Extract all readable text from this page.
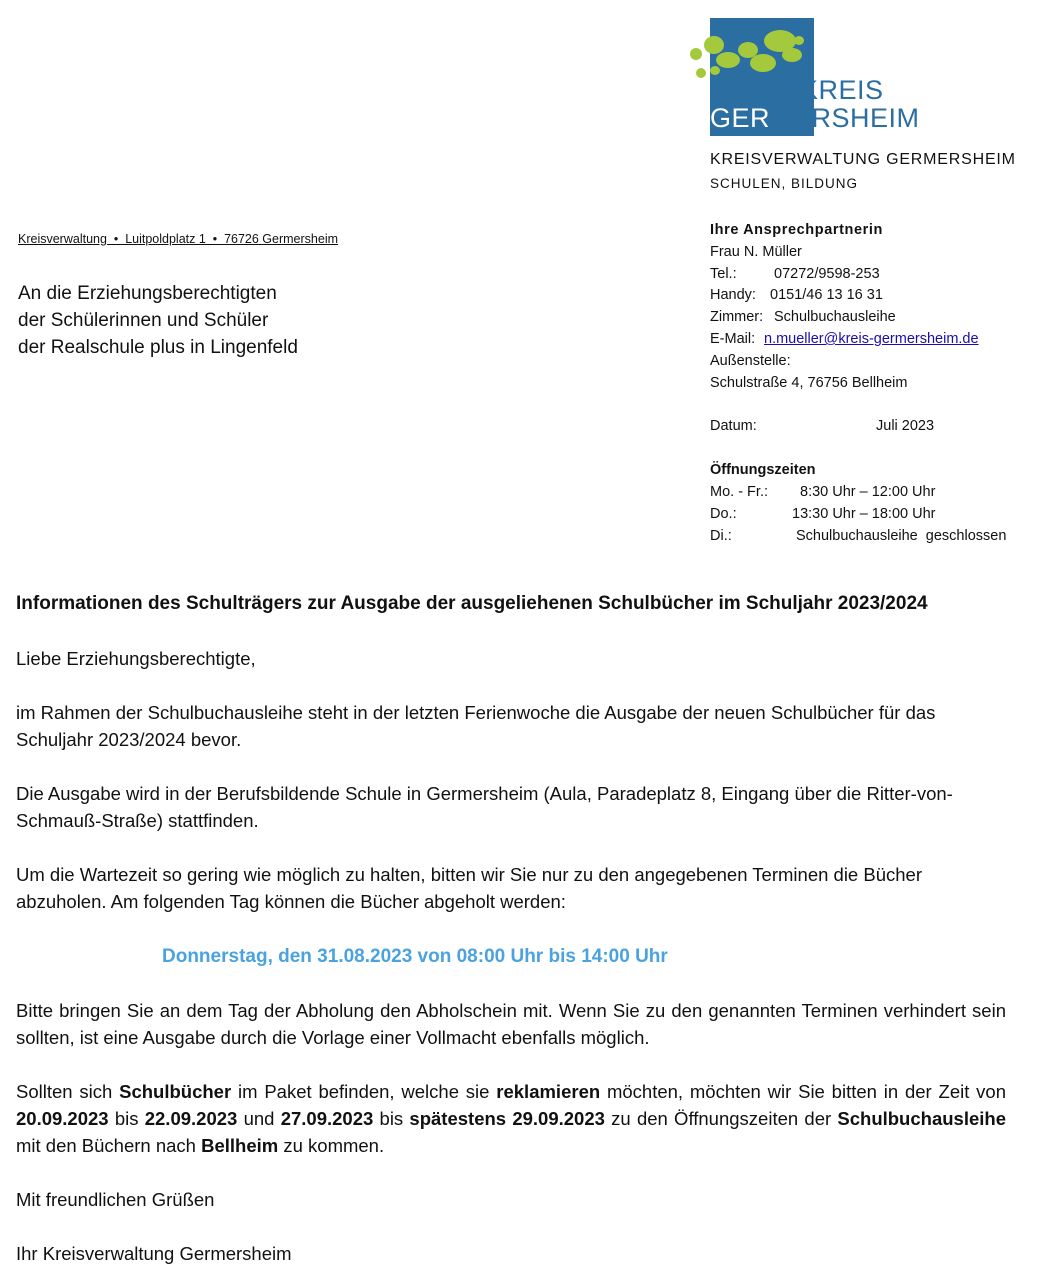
LANDKREIS
GERMERSHEIM
KREISVERWALTUNG GERMERSHEIM
SCHULEN, BILDUNG
Ihre Ansprechpartnerin
Frau N. Müller
Tel.:	07272/9598-253
Handy: 0151/46 13 16 31
Zimmer: Schulbuchausleihe
E-Mail: n.mueller@kreis-germersheim.de
Außenstelle:
Schulstraße 4, 76756 Bellheim
Datum:	Juli 2023
Öffnungszeiten
Mo. - Fr.: 8:30 Uhr – 12:00 Uhr
Do.:	13:30 Uhr – 18:00 Uhr
Di.:	Schulbuchausleihe  geschlossen
Kreisverwaltung  •  Luitpoldplatz 1  •  76726 Germersheim
An die Erziehungsberechtigten
der Schülerinnen und Schüler
der Realschule plus in Lingenfeld

Informationen des Schulträgers zur Ausgabe der ausgeliehenen Schulbücher im Schuljahr 2023/2024

Liebe Erziehungsberechtigte,

im Rahmen der Schulbuchausleihe steht in der letzten Ferienwoche die Ausgabe der neuen Schulbücher für das Schuljahr 2023/2024 bevor.

Die Ausgabe wird in der Berufsbildende Schule in Germersheim (Aula, Paradeplatz 8, Eingang über die Ritter-von-Schmauß-Straße) stattfinden.

Um die Wartezeit so gering wie möglich zu halten, bitten wir Sie nur zu den angegebenen Terminen die Bücher abzuholen. Am folgenden Tag können die Bücher abgeholt werden:

Donnerstag, den 31.08.2023 von 08:00 Uhr bis 14:00 Uhr

Bitte bringen Sie an dem Tag der Abholung den Abholschein mit. Wenn Sie zu den genannten Terminen verhindert sein sollten, ist eine Ausgabe durch die Vorlage einer Vollmacht ebenfalls möglich.

Sollten sich Schulbücher im Paket befinden, welche sie reklamieren möchten, möchten wir Sie bitten in der Zeit von 20.09.2023 bis 22.09.2023 und 27.09.2023 bis spätestens 29.09.2023 zu den Öffnungszeiten der Schulbuchausleihe mit den Büchern nach Bellheim zu kommen.

Mit freundlichen Grüßen

Ihr Kreisverwaltung Germersheim
